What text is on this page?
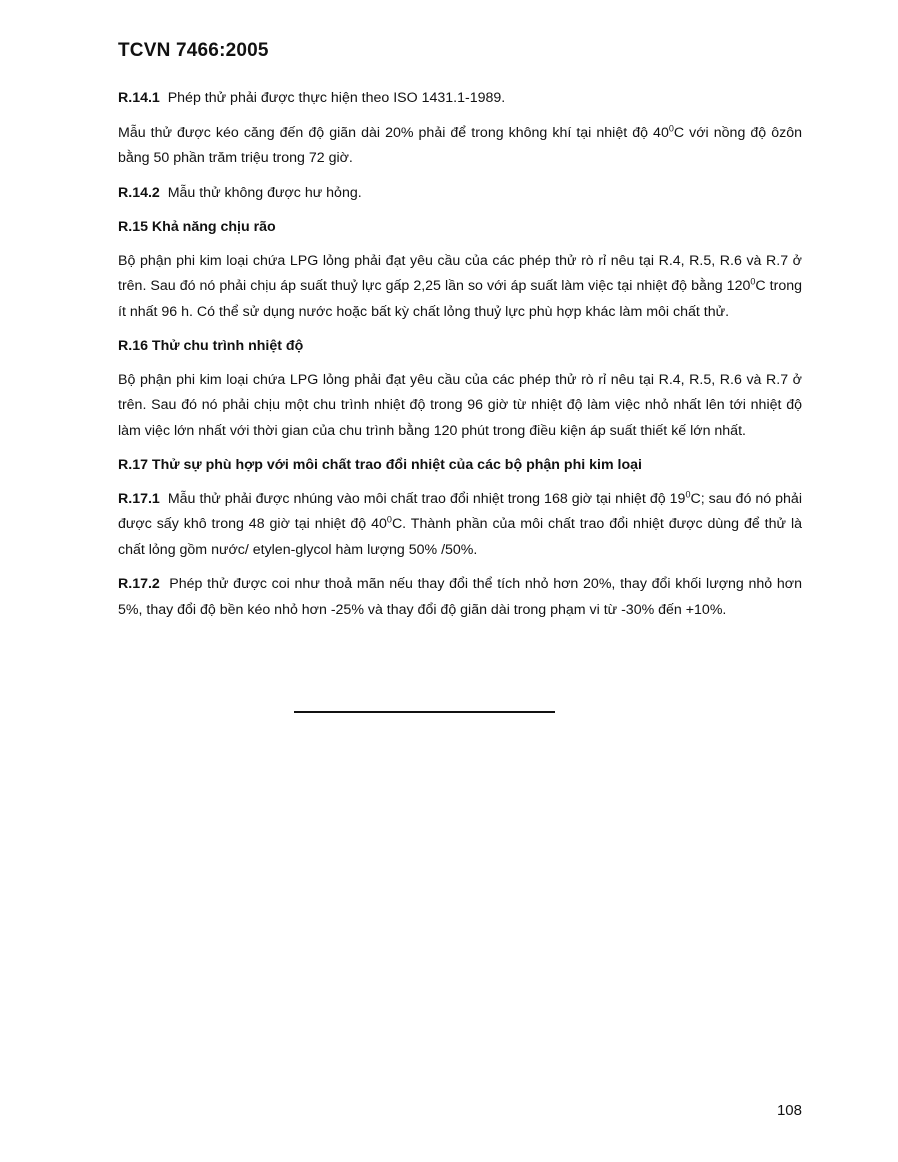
TCVN 7466:2005

R.14.1 Phép thử phải được thực hiện theo ISO 1431.1-1989.

Mẫu thử được kéo căng đến độ giãn dài 20% phải để trong không khí tại nhiệt độ $40^0C$ với nồng độ ôzôn bằng 50 phần trăm triệu trong 72 giờ.

R.14.2 Mẫu thử không được hư hỏng.

R.15 Khả năng chịu rão

Bộ phận phi kim loại chứa LPG lỏng phải đạt yêu cầu của các phép thử rò rỉ nêu tại R.4, R.5, R.6 và R.7 ở trên. Sau đó nó phải chịu áp suất thuỷ lực gấp 2,25 lần so với áp suất làm việc tại nhiệt độ bằng $120^0C$ trong ít nhất 96 h. Có thể sử dụng nước hoặc bất kỳ chất lỏng thuỷ lực phù hợp khác làm môi chất thử.

R.16 Thử chu trình nhiệt độ

Bộ phận phi kim loại chứa LPG lỏng phải đạt yêu cầu của các phép thử rò rỉ nêu tại R.4, R.5, R.6 và R.7 ở trên. Sau đó nó phải chịu một chu trình nhiệt độ trong 96 giờ từ nhiệt độ làm việc nhỏ nhất lên tới nhiệt độ làm việc lớn nhất với thời gian của chu trình bằng 120 phút trong điều kiện áp suất thiết kế lớn nhất.

R.17 Thử sự phù hợp với môi chất trao đổi nhiệt của các bộ phận phi kim loại

R.17.1 Mẫu thử phải được nhúng vào môi chất trao đổi nhiệt trong 168 giờ tại nhiệt độ $19^0C$; sau đó nó phải được sấy khô trong 48 giờ tại nhiệt độ $40^0C$. Thành phần của môi chất trao đổi nhiệt được dùng để thử là chất lỏng gồm nước/ etylen-glycol hàm lượng 50% /50%.

R.17.2 Phép thử được coi như thoả mãn nếu thay đổi thể tích nhỏ hơn 20%, thay đổi khối lượng nhỏ hơn 5%, thay đổi độ bền kéo nhỏ hơn -25% và thay đổi độ giãn dài trong phạm vi từ -30% đến +10%.

108
